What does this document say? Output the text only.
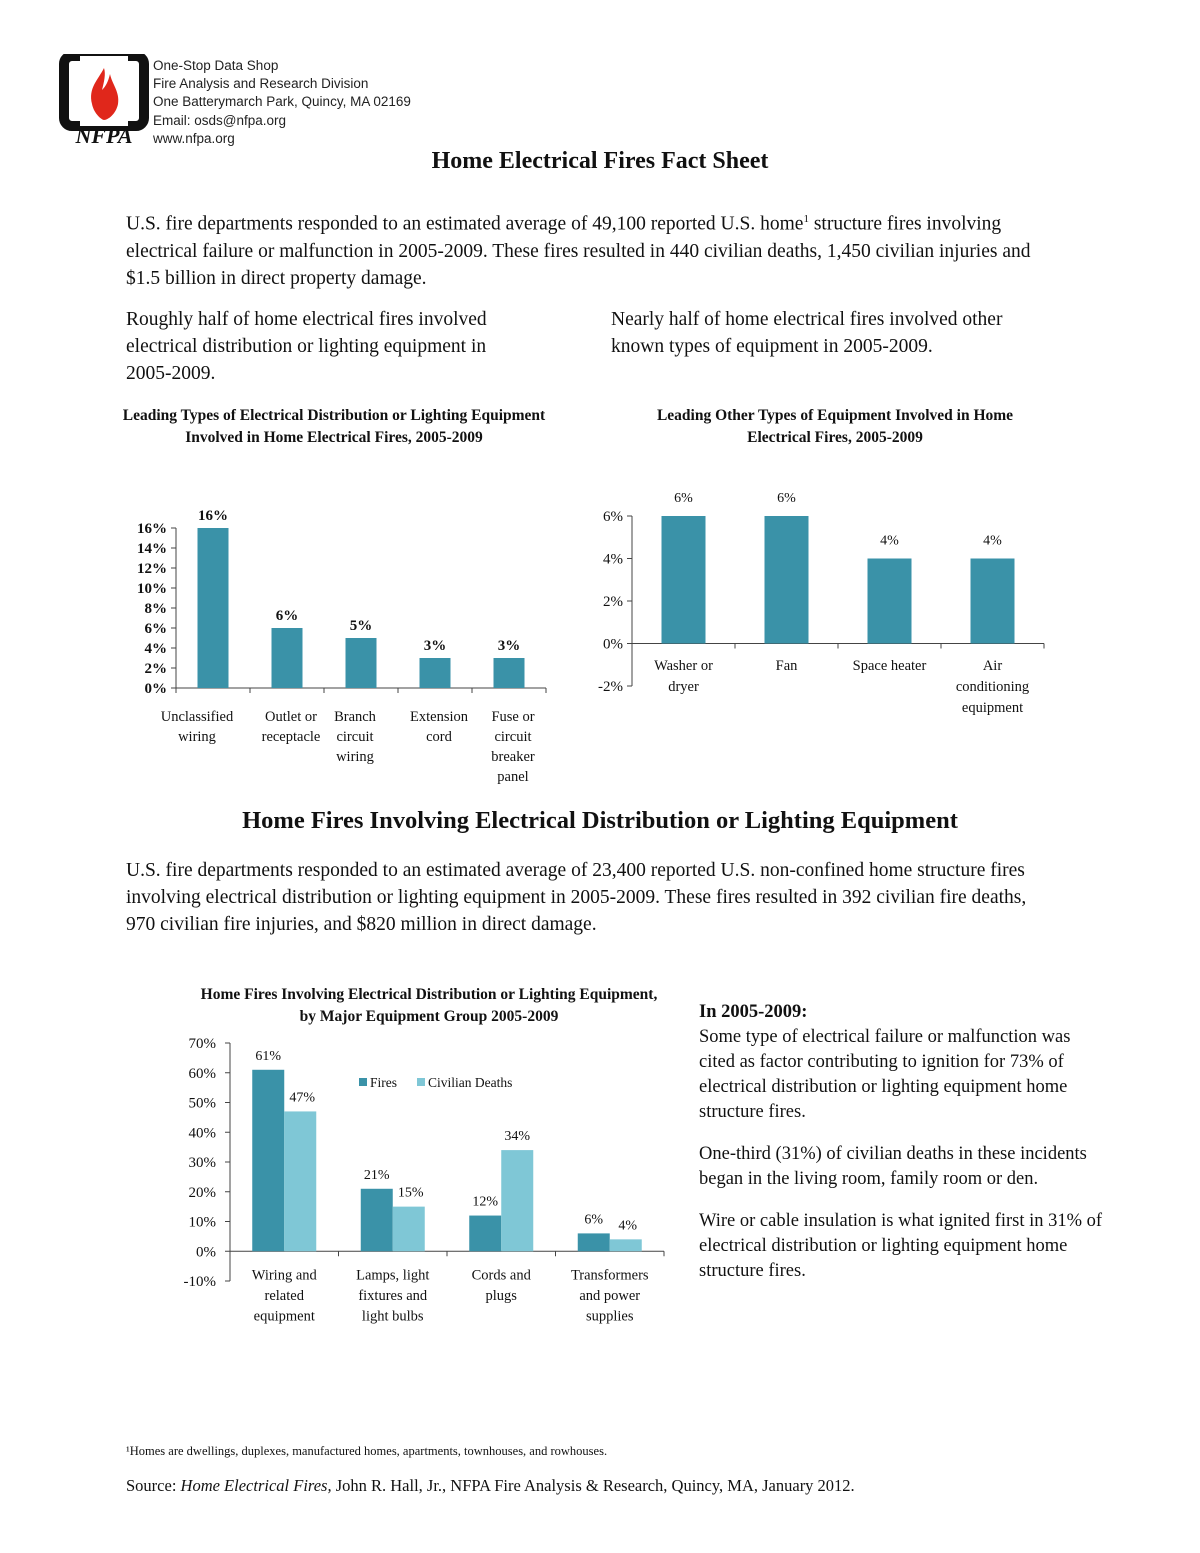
NFPA
One-Stop Data Shop
Fire Analysis and Research Division
One Batterymarch Park, Quincy, MA 02169
Email: osds@nfpa.org
www.nfpa.org
Home Electrical Fires Fact Sheet
U.S. fire departments responded to an estimated average of 49,100 reported U.S. home$^1$ structure fires involving electrical failure or malfunction in 2005-2009. These fires resulted in 440 civilian deaths, 1,450 civilian injuries and $1.5 billion in direct property damage.
Roughly half of home electrical fires involved electrical distribution or lighting equipment in 2005-2009.
Nearly half of home electrical fires involved other known types of equipment in 2005-2009.
Leading Types of Electrical Distribution or Lighting Equipment Involved in Home Electrical Fires, 2005-2009
0%
2%
4%
6%
8%
10%
12%
14%
16%
16%
Unclassified
wiring
6%
Outlet or
receptacle
5%
Branch
circuit
wiring
3%
Extension
cord
3%
Fuse or
circuit
breaker
panel
Leading Other Types of Equipment Involved in Home Electrical Fires, 2005-2009
-2%
0%
2%
4%
6%
6%
Washer or
dryer
6%
Fan
4%
Space heater
4%
Air
conditioning
equipment
Home Fires Involving Electrical Distribution or Lighting Equipment
U.S. fire departments responded to an estimated average of 23,400 reported U.S. non-confined home structure fires involving electrical distribution or lighting equipment in 2005-2009. These fires resulted in 392 civilian fire deaths, 970 civilian fire injuries, and $820 million in direct damage.
Home Fires Involving Electrical Distribution or Lighting Equipment, by Major Equipment Group 2005-2009
-10%
0%
10%
20%
30%
40%
50%
60%
70%
61%
47%
Wiring and
related
equipment
21%
15%
Lamps, light
fixtures and
light bulbs
12%
34%
Cords and
plugs
6% 4%
Transformers
and power
supplies
Fires Civilian Deaths
In 2005-2009:

Some type of electrical failure or malfunction was cited as factor contributing to ignition for 73% of electrical distribution or lighting equipment home structure fires.

One-third (31%) of civilian deaths in these incidents began in the living room, family room or den.

Wire or cable insulation is what ignited first in 31% of electrical distribution or lighting equipment home structure fires.

¹Homes are dwellings, duplexes, manufactured homes, apartments, townhouses, and rowhouses.
Source: Home Electrical Fires, John R. Hall, Jr., NFPA Fire Analysis & Research, Quincy, MA, January 2012.
